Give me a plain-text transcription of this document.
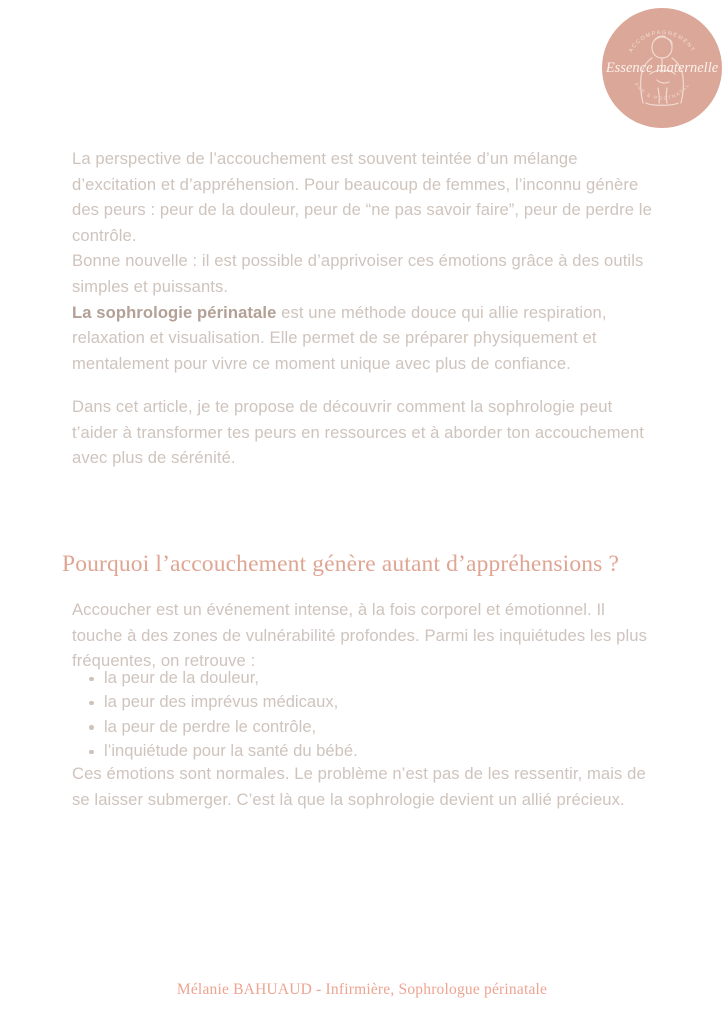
ACCOMPAGNEMENT
PRE & POSTNATAL
Essence maternelle

La perspective de l’accouchement est souvent teintée d’un mélange d’excitation et d’appréhension. Pour beaucoup de femmes, l’inconnu génère des peurs : peur de la douleur, peur de “ne pas savoir faire”, peur de perdre le contrôle.

Bonne nouvelle : il est possible d’apprivoiser ces émotions grâce à des outils simples et puissants.

La sophrologie périnatale est une méthode douce qui allie respiration, relaxation et visualisation. Elle permet de se préparer physiquement et mentalement pour vivre ce moment unique avec plus de confiance.

Dans cet article, je te propose de découvrir comment la sophrologie peut t’aider à transformer tes peurs en ressources et à aborder ton accouchement avec plus de sérénité.

Pourquoi l’accouchement génère autant d’appréhensions ?

Accoucher est un événement intense, à la fois corporel et émotionnel. Il touche à des zones de vulnérabilité profondes. Parmi les inquiétudes les plus fréquentes, on retrouve :

la peur de la douleur,
la peur des imprévus médicaux,
la peur de perdre le contrôle,
l’inquiétude pour la santé du bébé.

Ces émotions sont normales. Le problème n’est pas de les ressentir, mais de se laisser submerger. C’est là que la sophrologie devient un allié précieux.

Mélanie BAHUAUD - Infirmière, Sophrologue périnatale
